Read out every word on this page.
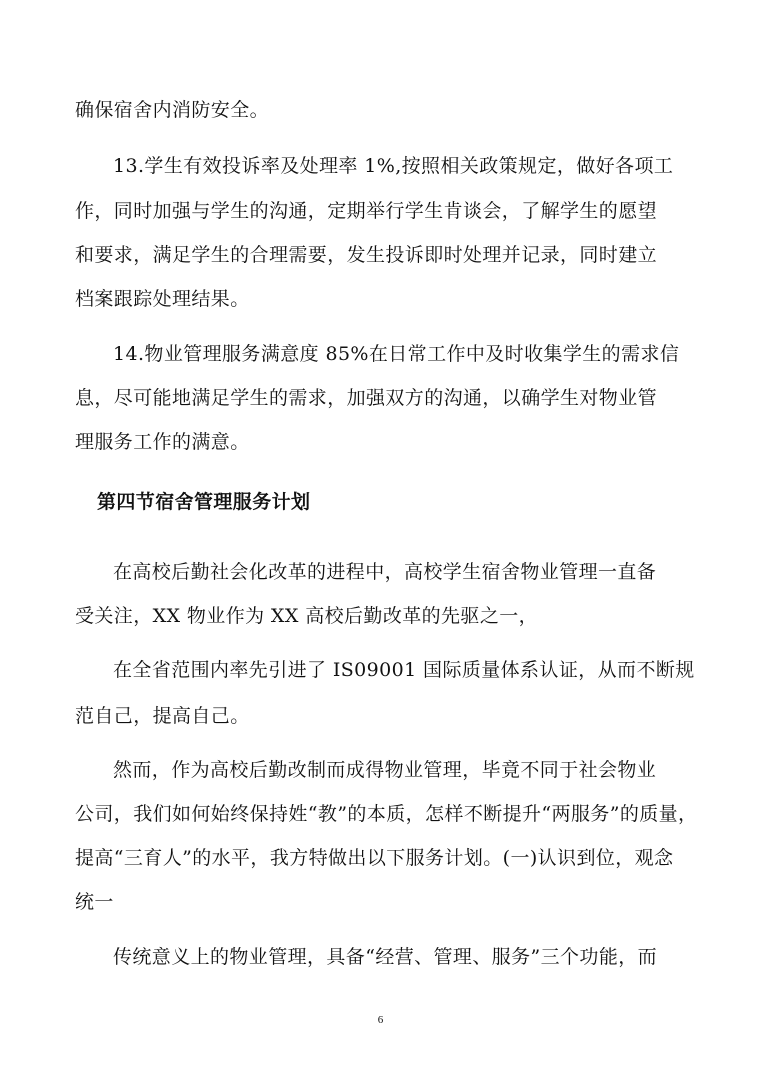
确保宿舍内消防安全。
13.学生有效投诉率及处理率 1%,按照相关政策规定，做好各项工
作，同时加强与学生的沟通，定期举行学生肯谈会，了解学生的愿望
和要求，满足学生的合理需要，发生投诉即时处理并记录，同时建立
档案跟踪处理结果。
14.物业管理服务满意度 85%在日常工作中及时收集学生的需求信
息，尽可能地满足学生的需求，加强双方的沟通，以确学生对物业管
理服务工作的满意。
第四节宿舍管理服务计划
在高校后勤社会化改革的进程中，高校学生宿舍物业管理一直备
受关注，XX 物业作为 XX 高校后勤改革的先驱之一，
在全省范围内率先引进了 IS09001 国际质量体系认证，从而不断规
范自己，提高自己。
然而，作为高校后勤改制而成得物业管理，毕竟不同于社会物业
公司，我们如何始终保持姓“教”的本质，怎样不断提升“两服务”的质量，
提高“三育人”的水平，我方特做出以下服务计划。(一)认识到位，观念
统一
传统意义上的物业管理，具备“经营、管理、服务”三个功能，而
6
